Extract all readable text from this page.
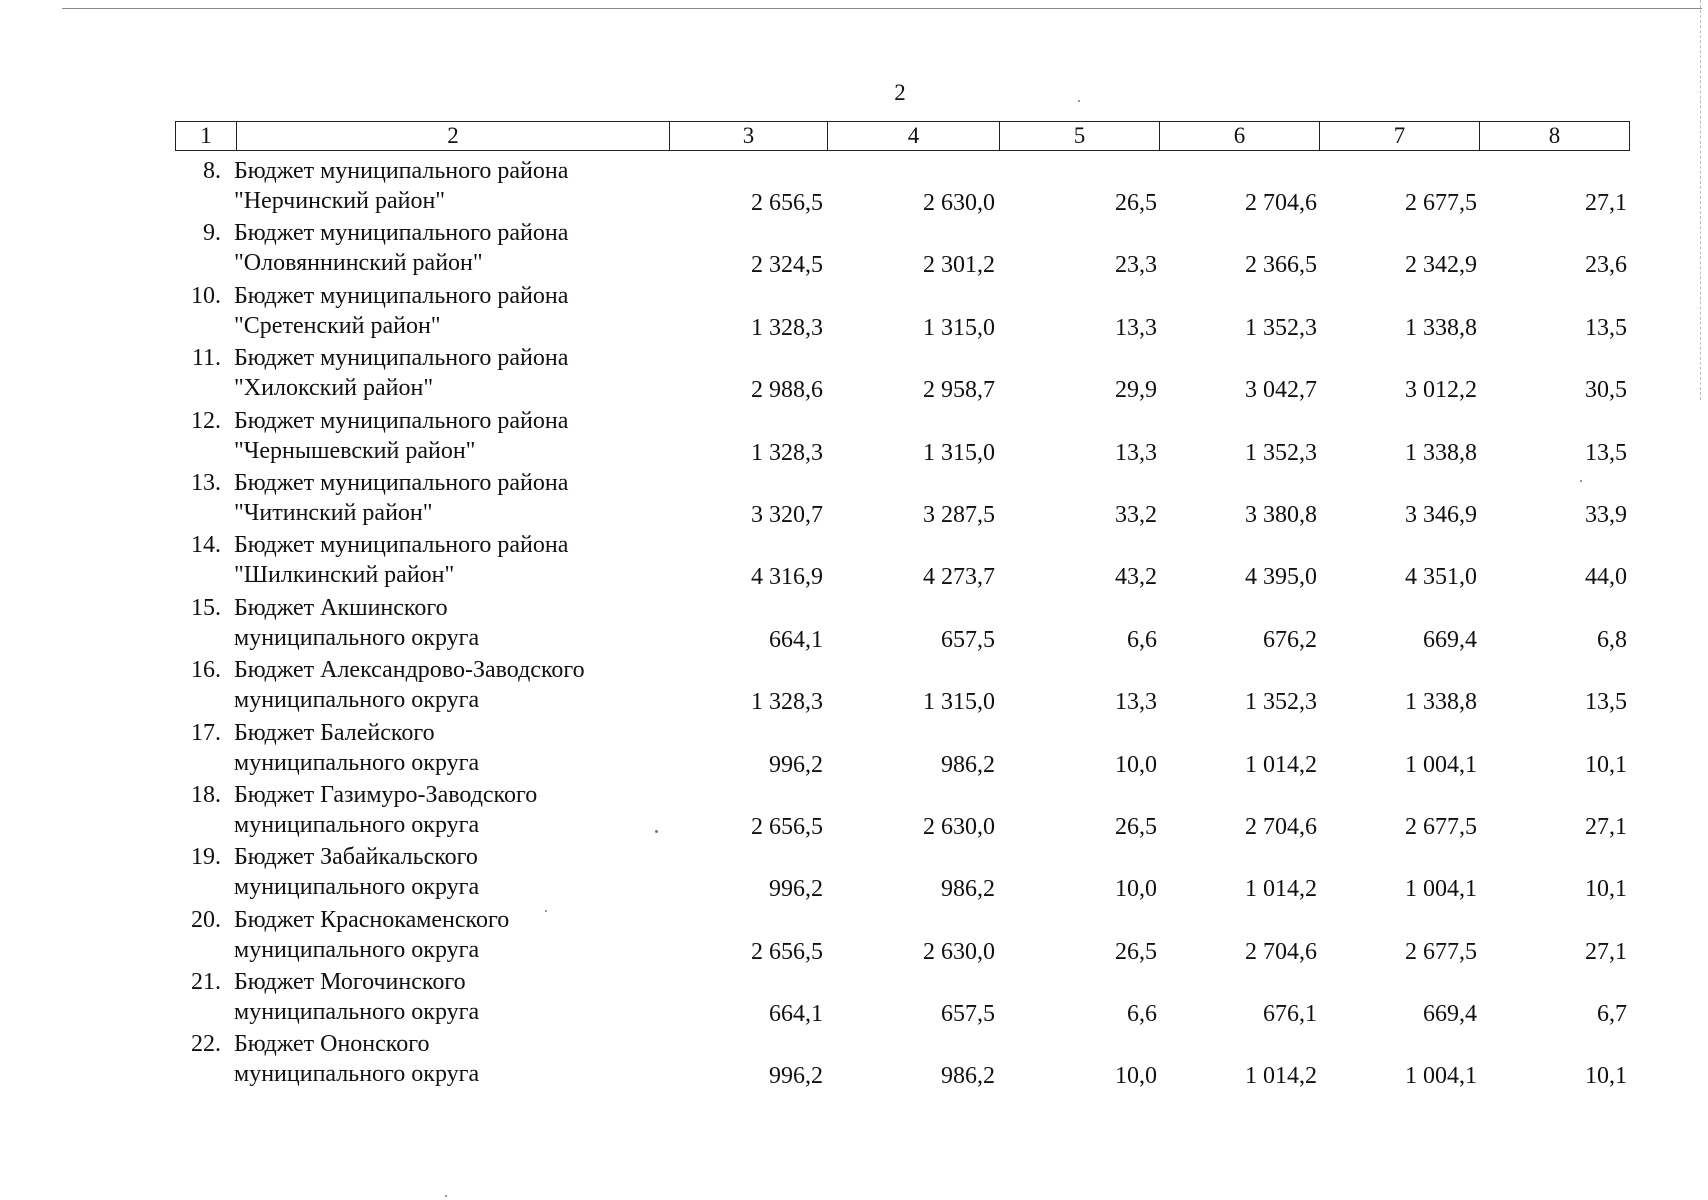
2
1	2	3	4	5	6	7	8
8. Бюджет муниципального района
"Нерчинский район"	2 656,5	2 630,0	26,5	2 704,6	2 677,5	27,1
9. Бюджет муниципального района
"Оловяннинский район"	2 324,5	2 301,2	23,3	2 366,5	2 342,9	23,6
10. Бюджет муниципального района
"Сретенский район"	1 328,3	1 315,0	13,3	1 352,3	1 338,8	13,5
11. Бюджет муниципального района
"Хилокский район"	2 988,6	2 958,7	29,9	3 042,7	3 012,2	30,5
12. Бюджет муниципального района
"Чернышевский район"	1 328,3	1 315,0	13,3	1 352,3	1 338,8	13,5
13. Бюджет муниципального района
"Читинский район"	3 320,7	3 287,5	33,2	3 380,8	3 346,9	33,9
14. Бюджет муниципального района
"Шилкинский район"	4 316,9	4 273,7	43,2	4 395,0	4 351,0	44,0
15. Бюджет Акшинского
муниципального округа	664,1	657,5	6,6	676,2	669,4	6,8
16. Бюджет Александрово-Заводского
муниципального округа	1 328,3	1 315,0	13,3	1 352,3	1 338,8	13,5
17. Бюджет Балейского
муниципального округа	996,2	986,2	10,0	1 014,2	1 004,1	10,1
18. Бюджет Газимуро-Заводского
муниципального округа	2 656,5	2 630,0	26,5	2 704,6	2 677,5	27,1
19. Бюджет Забайкальского
муниципального округа	996,2	986,2	10,0	1 014,2	1 004,1	10,1
20. Бюджет Краснокаменского
муниципального округа	2 656,5	2 630,0	26,5	2 704,6	2 677,5	27,1
21. Бюджет Могочинского
муниципального округа	664,1	657,5	6,6	676,1	669,4	6,7
22. Бюджет Ононского
муниципального округа	996,2	986,2	10,0	1 014,2	1 004,1	10,1
